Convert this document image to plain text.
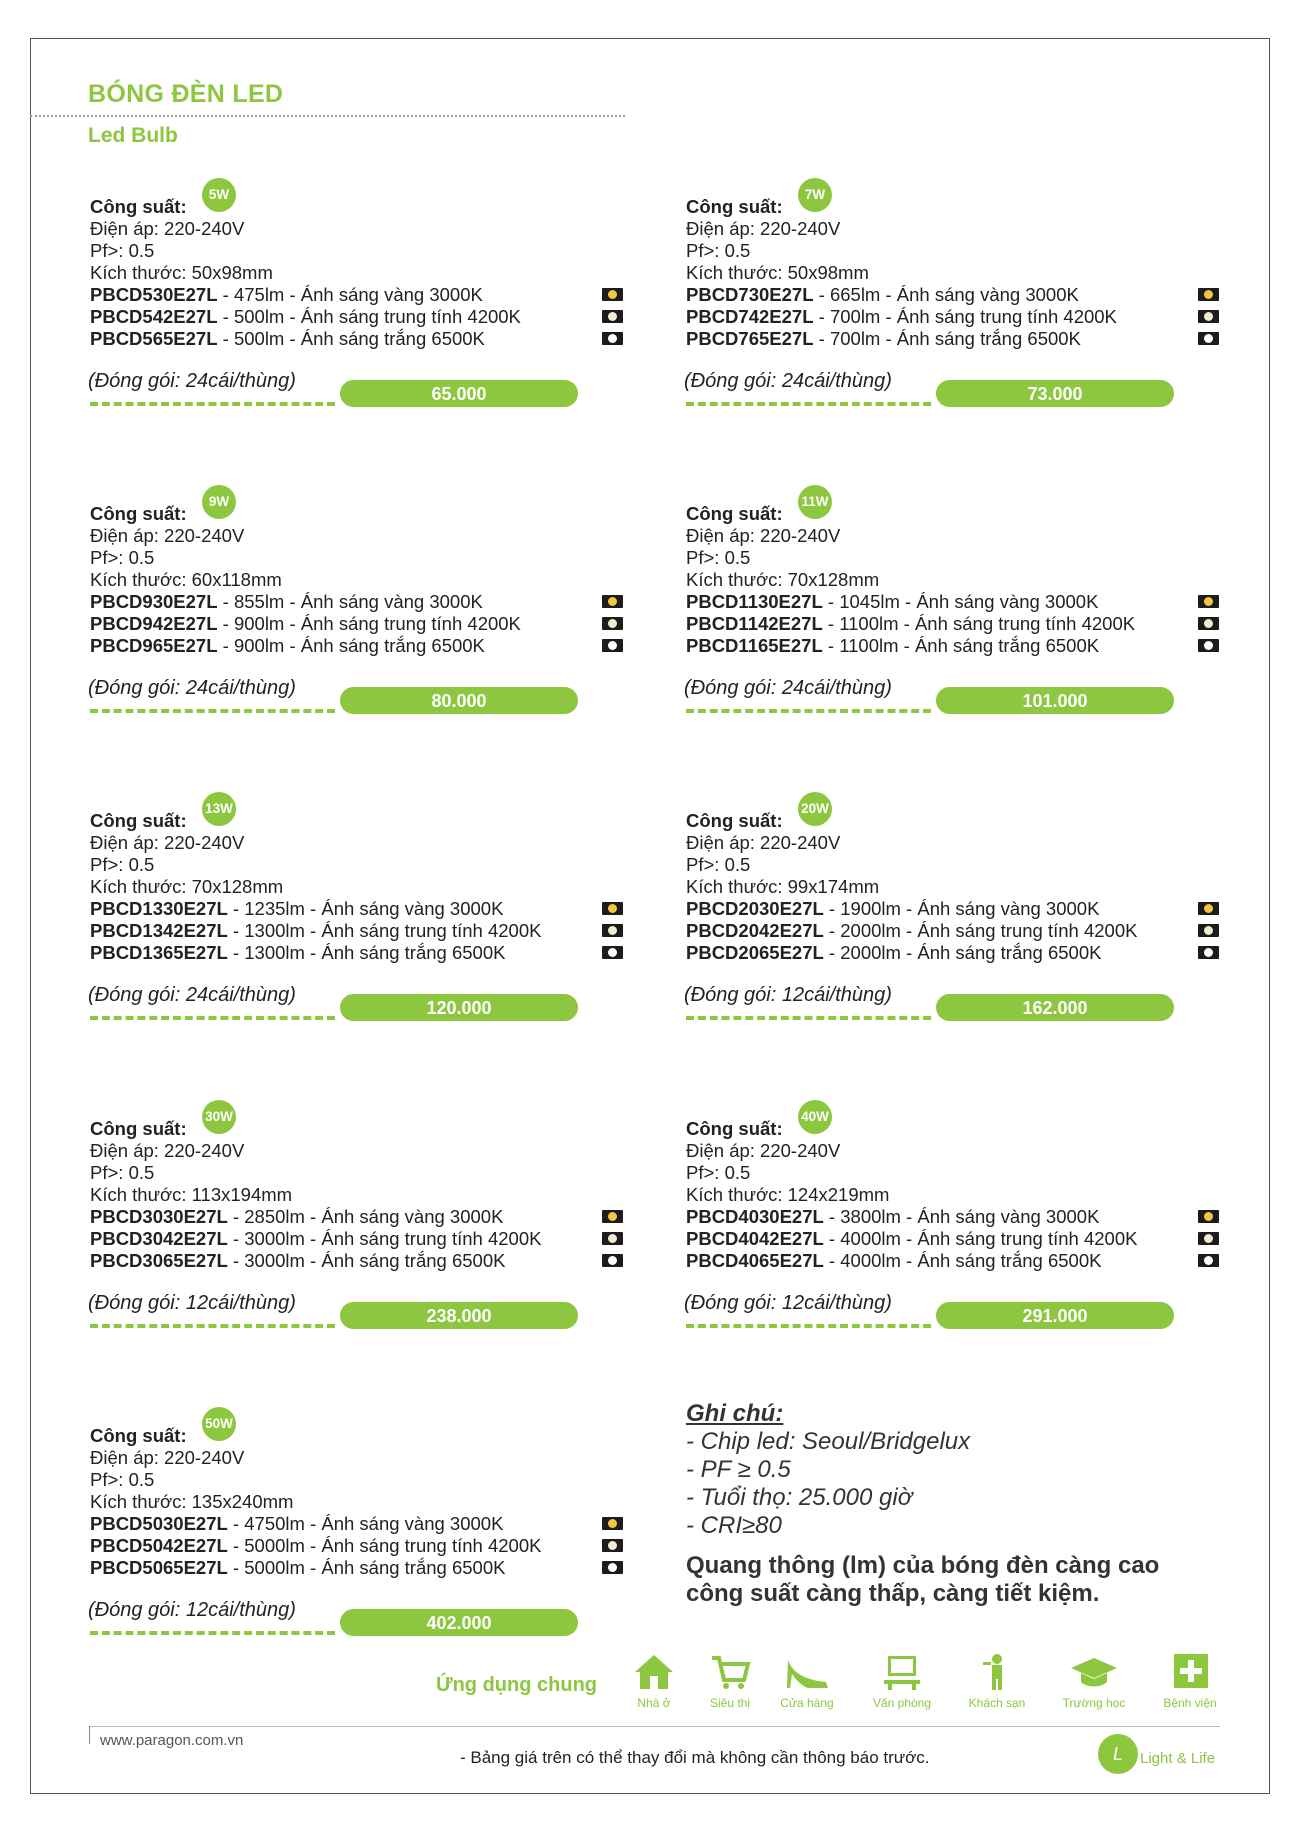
BÓNG ĐÈN LED
Led Bulb
Công suất:
5W
Điện áp: 220-240V
Pf>: 0.5
Kích thước: 50x98mm
PBCD530E27L - 475lm - Ánh sáng vàng 3000K
PBCD542E27L - 500lm - Ánh sáng trung tính 4200K
PBCD565E27L - 500lm - Ánh sáng trắng 6500K
(Đóng gói: 24cái/thùng)
65.000
Công suất:
7W
Điện áp: 220-240V
Pf>: 0.5
Kích thước: 50x98mm
PBCD730E27L - 665lm - Ánh sáng vàng 3000K
PBCD742E27L - 700lm - Ánh sáng trung tính 4200K
PBCD765E27L - 700lm - Ánh sáng trắng 6500K
(Đóng gói: 24cái/thùng)
73.000
Công suất:
9W
Điện áp: 220-240V
Pf>: 0.5
Kích thước: 60x118mm
PBCD930E27L - 855lm - Ánh sáng vàng 3000K
PBCD942E27L - 900lm - Ánh sáng trung tính 4200K
PBCD965E27L - 900lm - Ánh sáng trắng 6500K
(Đóng gói: 24cái/thùng)
80.000
Công suất:
11W
Điện áp: 220-240V
Pf>: 0.5
Kích thước: 70x128mm
PBCD1130E27L - 1045lm - Ánh sáng vàng 3000K
PBCD1142E27L - 1100lm - Ánh sáng trung tính 4200K
PBCD1165E27L - 1100lm - Ánh sáng trắng 6500K
(Đóng gói: 24cái/thùng)
101.000
Công suất:
13W
Điện áp: 220-240V
Pf>: 0.5
Kích thước: 70x128mm
PBCD1330E27L - 1235lm - Ánh sáng vàng 3000K
PBCD1342E27L - 1300lm - Ánh sáng trung tính 4200K
PBCD1365E27L - 1300lm - Ánh sáng trắng 6500K
(Đóng gói: 24cái/thùng)
120.000
Công suất:
20W
Điện áp: 220-240V
Pf>: 0.5
Kích thước: 99x174mm
PBCD2030E27L - 1900lm - Ánh sáng vàng 3000K
PBCD2042E27L - 2000lm - Ánh sáng trung tính 4200K
PBCD2065E27L - 2000lm - Ánh sáng trắng 6500K
(Đóng gói: 12cái/thùng)
162.000
Công suất:
30W
Điện áp: 220-240V
Pf>: 0.5
Kích thước: 113x194mm
PBCD3030E27L - 2850lm - Ánh sáng vàng 3000K
PBCD3042E27L - 3000lm - Ánh sáng trung tính 4200K
PBCD3065E27L - 3000lm - Ánh sáng trắng 6500K
(Đóng gói: 12cái/thùng)
238.000
Công suất:
40W
Điện áp: 220-240V
Pf>: 0.5
Kích thước: 124x219mm
PBCD4030E27L - 3800lm - Ánh sáng vàng 3000K
PBCD4042E27L - 4000lm - Ánh sáng trung tính 4200K
PBCD4065E27L - 4000lm - Ánh sáng trắng 6500K
(Đóng gói: 12cái/thùng)
291.000
Công suất:
50W
Điện áp: 220-240V
Pf>: 0.5
Kích thước: 135x240mm
PBCD5030E27L - 4750lm - Ánh sáng vàng 3000K
PBCD5042E27L - 5000lm - Ánh sáng trung tính 4200K
PBCD5065E27L - 5000lm - Ánh sáng trắng 6500K
(Đóng gói: 12cái/thùng)
402.000
Ghi chú:
- Chip led: Seoul/Bridgelux
- PF ≥ 0.5
- Tuổi thọ: 25.000 giờ
- CRI≥80
Quang thông (lm) của bóng đèn càng cao
công suất càng thấp, càng tiết kiệm.
Ứng dụng chung
Nhà ở	Siêu thị	Cửa hàng	Văn phòng	Khách sạn	Trường học	Bệnh viện
www.paragon.com.vn
- Bảng giá trên có thể thay đổi mà không cần thông báo trước.	L	Light & Life
